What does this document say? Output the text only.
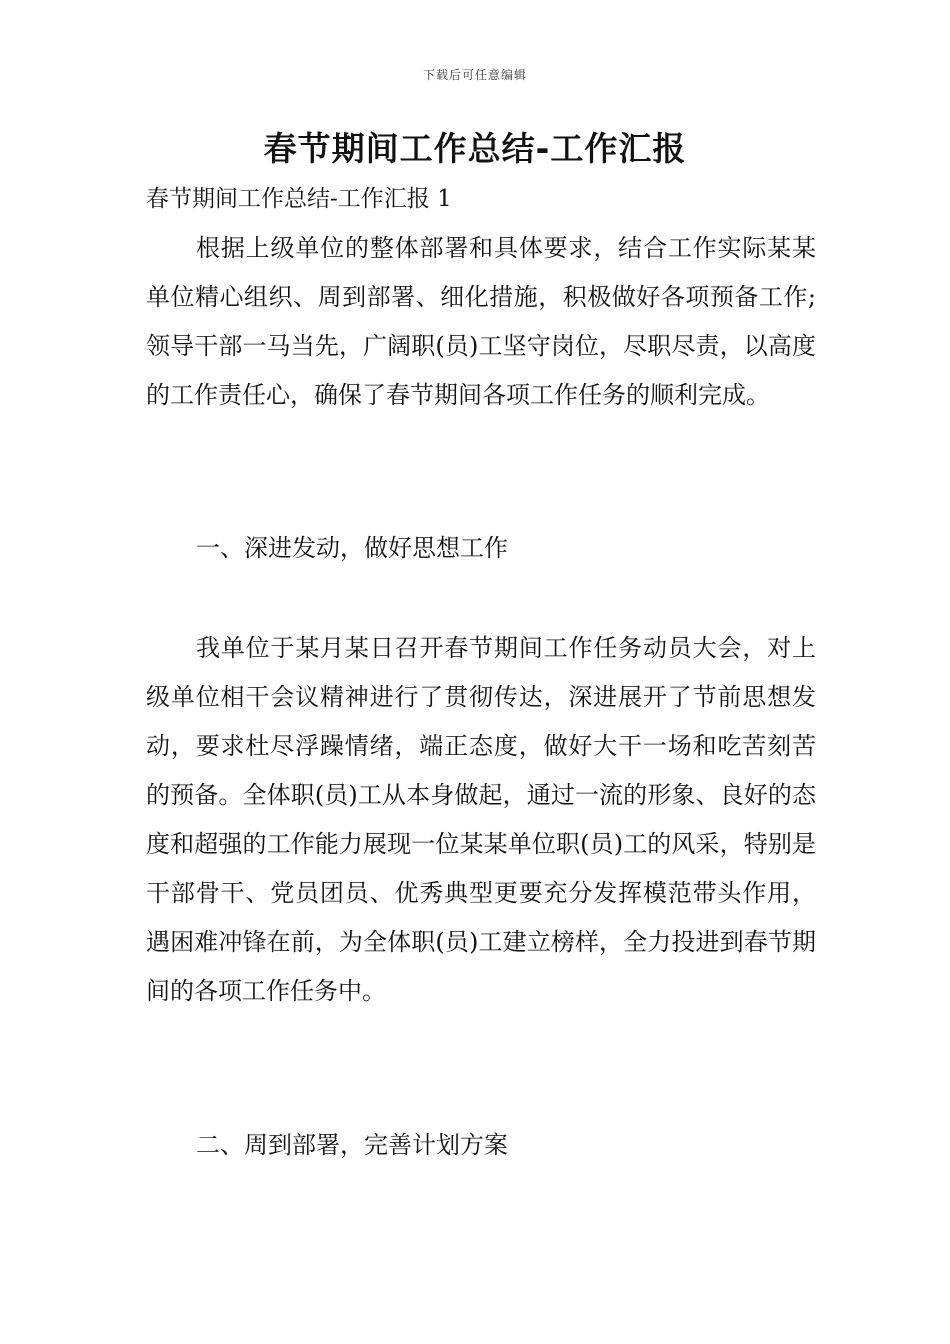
下载后可任意编辑
春节期间工作总结-工作汇报
春节期间工作总结-工作汇报 1

根据上级单位的整体部署和具体要求，结合工作实际某某单位精心组织、周到部署、细化措施，积极做好各项预备工作;领导干部一马当先，广阔职(员)工坚守岗位，尽职尽责，以高度的工作责任心，确保了春节期间各项工作任务的顺利完成。

一、深进发动，做好思想工作

我单位于某月某日召开春节期间工作任务动员大会，对上级单位相干会议精神进行了贯彻传达，深进展开了节前思想发动，要求杜尽浮躁情绪，端正态度，做好大干一场和吃苦刻苦的预备。全体职(员)工从本身做起，通过一流的形象、良好的态度和超强的工作能力展现一位某某单位职(员)工的风采，特别是干部骨干、党员团员、优秀典型更要充分发挥模范带头作用，遇困难冲锋在前，为全体职(员)工建立榜样，全力投进到春节期间的各项工作任务中。

二、周到部署，完善计划方案
